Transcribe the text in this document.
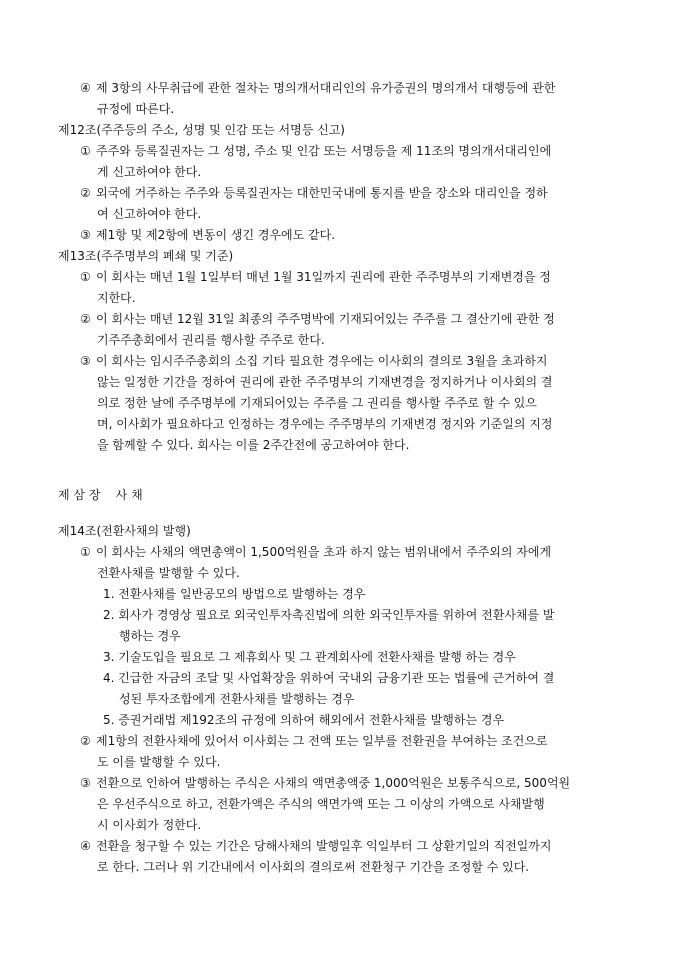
④ 제 3항의 사무취급에 관한 절차는 명의개서대리인의 유가증권의 명의개서 대행등에 관한
규정에 따른다.
제12조(주주등의 주소, 성명 및 인감 또는 서명등 신고)
① 주주와 등록질권자는 그 성명, 주소 및 인감 또는 서명등을 제 11조의 명의개서대리인에
게 신고하여야 한다.
② 외국에 거주하는 주주와 등록질권자는 대한민국내에 통지를 받을 장소와 대리인을 정하
여 신고하여야 한다.
③ 제1항 및 제2항에 변동이 생긴 경우에도 같다.
제13조(주주명부의 폐쇄 및 기준)
① 이 회사는 매년 1월 1일부터 매년 1월 31일까지 권리에 관한 주주명부의 기재변경을 정
지한다.
② 이 회사는 매년 12월 31일 최종의 주주명박에 기재되어있는 주주를 그 결산기에 관한 정
기주주총회에서 권리를 행사할 주주로 한다.
③ 이 회사는 임시주주총회의 소집 기타 필요한 경우에는 이사회의 결의로 3월을 초과하지
않는 일정한 기간을 정하여 권리에 관한 주주명부의 기재변경을 정지하거나 이사회의 결
의로 정한 날에 주주명부에 기재되어있는 주주를 그 권리를 행사할 주주로 할 수 있으
며, 이사회가 필요하다고 인정하는 경우에는 주주명부의 기재변경 정지와 기준일의 지정
을 함께할 수 있다. 회사는 이를 2주간전에 공고하여야 한다.
제 삼 장    사 채
제14조(전환사채의 발행)
① 이 회사는 사채의 액면총액이 1,500억원을 초과 하지 않는 범위내에서 주주외의 자에게
전환사채를 발행할 수 있다.
1. 전환사채를 일반공모의 방법으로 발행하는 경우
2. 회사가 경영상 필요로 외국인투자촉진법에 의한 외국인투자를 위하여 전환사채를 발
행하는 경우
3. 기술도입을 필요로 그 제휴회사 및 그 관계회사에 전환사채를 발행 하는 경우
4. 긴급한 자금의 조달 및 사업확장을 위하여 국내외 금융기관 또는 법률에 근거하여 결
성된 투자조합에게 전환사채를 발행하는 경우
5. 증권거래법 제192조의 규정에 의하여 해외에서 전환사채를 발행하는 경우
② 제1항의 전환사채에 있어서 이사회는 그 전액 또는 일부를 전환권을 부여하는 조건으로
도 이를 발행할 수 있다.
③ 전환으로 인하여 발행하는 주식은 사채의 액면총액중 1,000억원은 보통주식으로, 500억원
은 우선주식으로 하고, 전환가액은 주식의 액면가액 또는 그 이상의 가액으로 사채발행
시 이사회가 정한다.
④ 전환을 청구할 수 있는 기간은 당해사채의 발행일후 익일부터 그 상환기일의 직전일까지
로 한다. 그러나 위 기간내에서 이사회의 결의로써 전환청구 기간을 조정할 수 있다.
